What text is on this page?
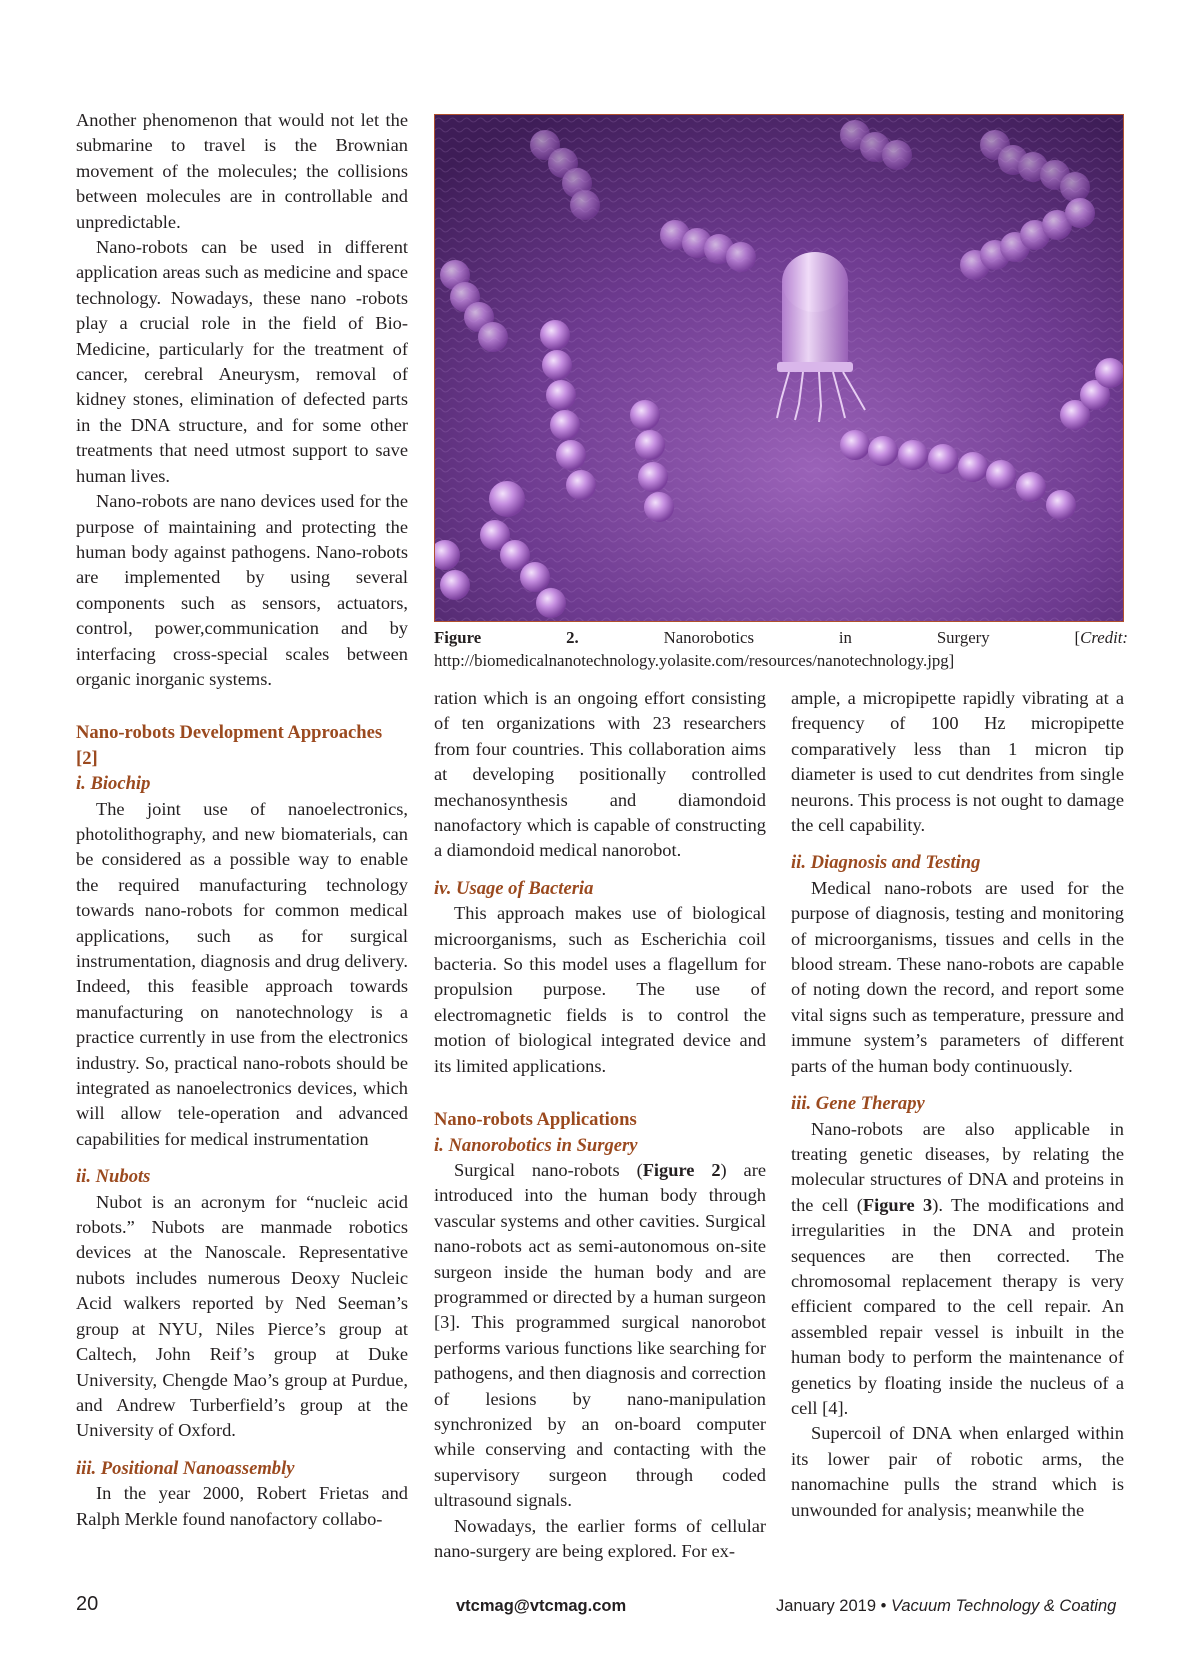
Another phenomenon that would not let the submarine to travel is the Brownian movement of the molecules; the collisions between molecules are in controllable and unpredictable.

Nano-robots can be used in different application areas such as medicine and space technology. Nowadays, these nano -robots play a crucial role in the field of Bio-Medicine, particularly for the treatment of cancer, cerebral Aneurysm, removal of kidney stones, elimination of defected parts in the DNA structure, and for some other treatments that need utmost support to save human lives.

Nano-robots are nano devices used for the purpose of maintaining and protecting the human body against pathogens. Nano-robots are implemented by using several components such as sensors, actuators, control, power,communication and by interfacing cross-special scales between organic inorganic systems.

Nano-robots Development Approaches [2]
i. Biochip

The joint use of nanoelectronics, photolithography, and new biomaterials, can be considered as a possible way to enable the required manufacturing technology towards nano-robots for common medical applications, such as for surgical instrumentation, diagnosis and drug delivery. Indeed, this feasible approach towards manufacturing on nanotechnology is a practice currently in use from the electronics industry. So, practical nano-robots should be integrated as nanoelectronics devices, which will allow tele-operation and advanced capabilities for medical instrumentation

ii. Nubots

Nubot is an acronym for “nucleic acid robots.” Nubots are manmade robotics devices at the Nanoscale. Representative nubots includes numerous Deoxy Nucleic Acid walkers reported by Ned Seeman’s group at NYU, Niles Pierce’s group at Caltech, John Reif’s group at Duke University, Chengde Mao’s group at Purdue, and Andrew Turberfield’s group at the University of Oxford.

iii. Positional Nanoassembly

In the year 2000, Robert Frietas and Ralph Merkle found nanofactory collabo-

Figure 2. Nanorobotics in Surgery [Credit: http://biomedicalnanotechnology.yolasite.com/resources/nanotechnology.jpg]

ration which is an ongoing effort consisting of ten organizations with 23 researchers from four countries. This collaboration aims at developing positionally controlled mechanosynthesis and diamondoid nanofactory which is capable of constructing a diamondoid medical nanorobot.

iv. Usage of Bacteria

This approach makes use of biological microorganisms, such as Escherichia coil bacteria. So this model uses a flagellum for propulsion purpose. The use of electromagnetic fields is to control the motion of biological integrated device and its limited applications.

Nano-robots Applications
i. Nanorobotics in Surgery

Surgical nano-robots (Figure 2) are introduced into the human body through vascular systems and other cavities. Surgical nano-robots act as semi-autonomous on-site surgeon inside the human body and are programmed or directed by a human surgeon [3]. This programmed surgical nanorobot performs various functions like searching for pathogens, and then diagnosis and correction of lesions by nano-manipulation synchronized by an on-board computer while conserving and contacting with the supervisory surgeon through coded ultrasound signals.

Nowadays, the earlier forms of cellular nano-surgery are being explored. For ex-

ample, a micropipette rapidly vibrating at a frequency of 100 Hz micropipette comparatively less than 1 micron tip diameter is used to cut dendrites from single neurons. This process is not ought to damage the cell capability.

ii. Diagnosis and Testing

Medical nano-robots are used for the purpose of diagnosis, testing and monitoring of microorganisms, tissues and cells in the blood stream. These nano-robots are capable of noting down the record, and report some vital signs such as temperature, pressure and immune system’s parameters of different parts of the human body continuously.

iii. Gene Therapy

Nano-robots are also applicable in treating genetic diseases, by relating the molecular structures of DNA and proteins in the cell (Figure 3). The modifications and irregularities in the DNA and protein sequences are then corrected. The chromosomal replacement therapy is very efficient compared to the cell repair. An assembled repair vessel is inbuilt in the human body to perform the maintenance of genetics by floating inside the nucleus of a cell [4].

Supercoil of DNA when enlarged within its lower pair of robotic arms, the nanomachine pulls the strand which is unwounded for analysis; meanwhile the

20	vtcmag@vtcmag.com	January 2019 • Vacuum Technology & Coating
